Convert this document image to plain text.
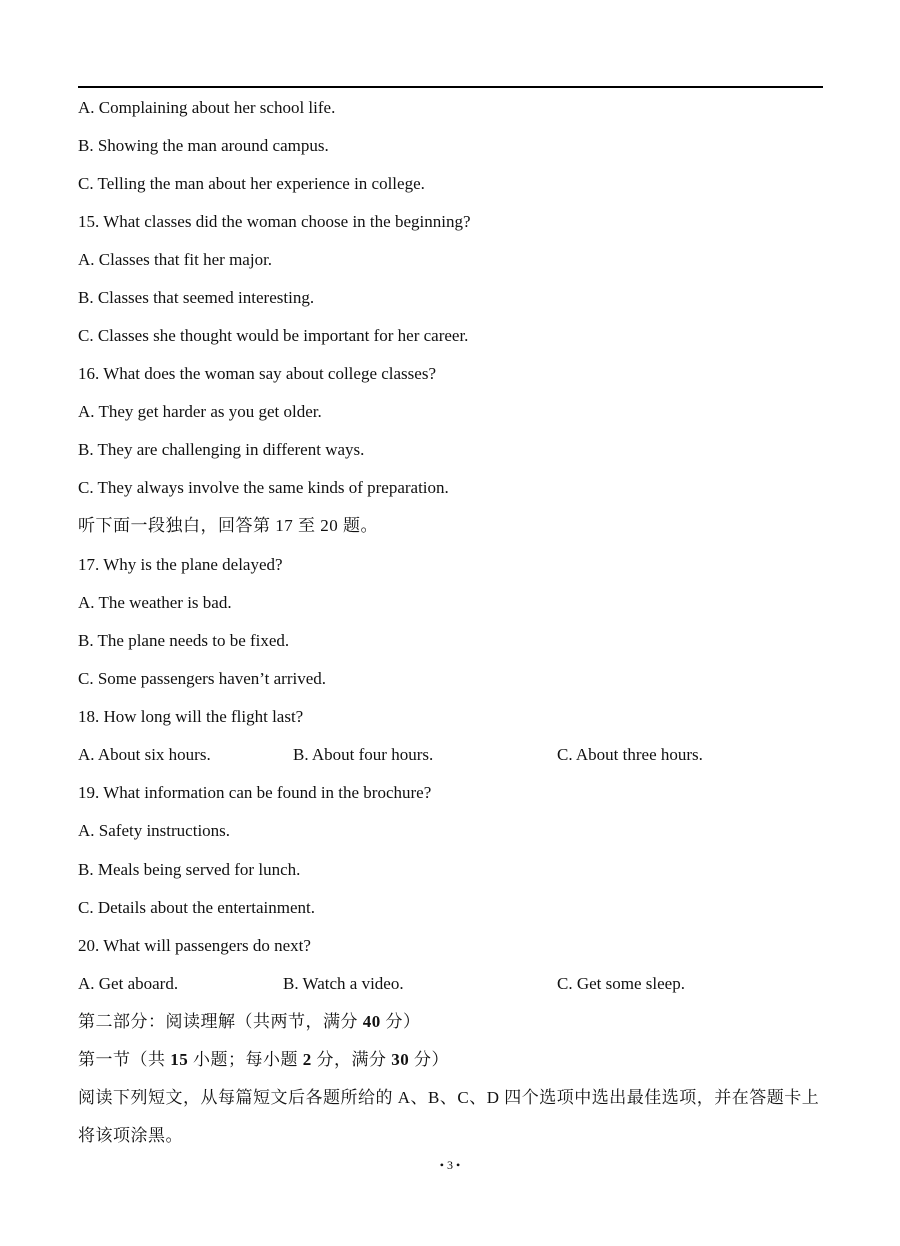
A. Complaining about her school life.
B. Showing the man around campus.
C. Telling the man about her experience in college.
15. What classes did the woman choose in the beginning?
A. Classes that fit her major.
B. Classes that seemed interesting.
C. Classes she thought would be important for her career.
16. What does the woman say about college classes?
A. They get harder as you get older.
B. They are challenging in different ways.
C. They always involve the same kinds of preparation.
听下面一段独白，回答第 17 至 20 题。
17. Why is the plane delayed?
A. The weather is bad.
B. The plane needs to be fixed.
C. Some passengers haven’t arrived.
18. How long will the flight last?
A. About six hours.	B. About four hours.	C. About three hours.
19. What information can be found in the brochure?
A. Safety instructions.
B. Meals being served for lunch.
C. Details about the entertainment.
20. What will passengers do next?
A. Get aboard.	B. Watch a video.	C. Get some sleep.
第二部分：阅读理解（共两节，满分 40 分）
第一节（共 15 小题；每小题 2 分，满分 30 分）
阅读下列短文，从每篇短文后各题所给的 A、B、C、D 四个选项中选出最佳选项，并在答题卡上将该项涂黑。
• 3 •
